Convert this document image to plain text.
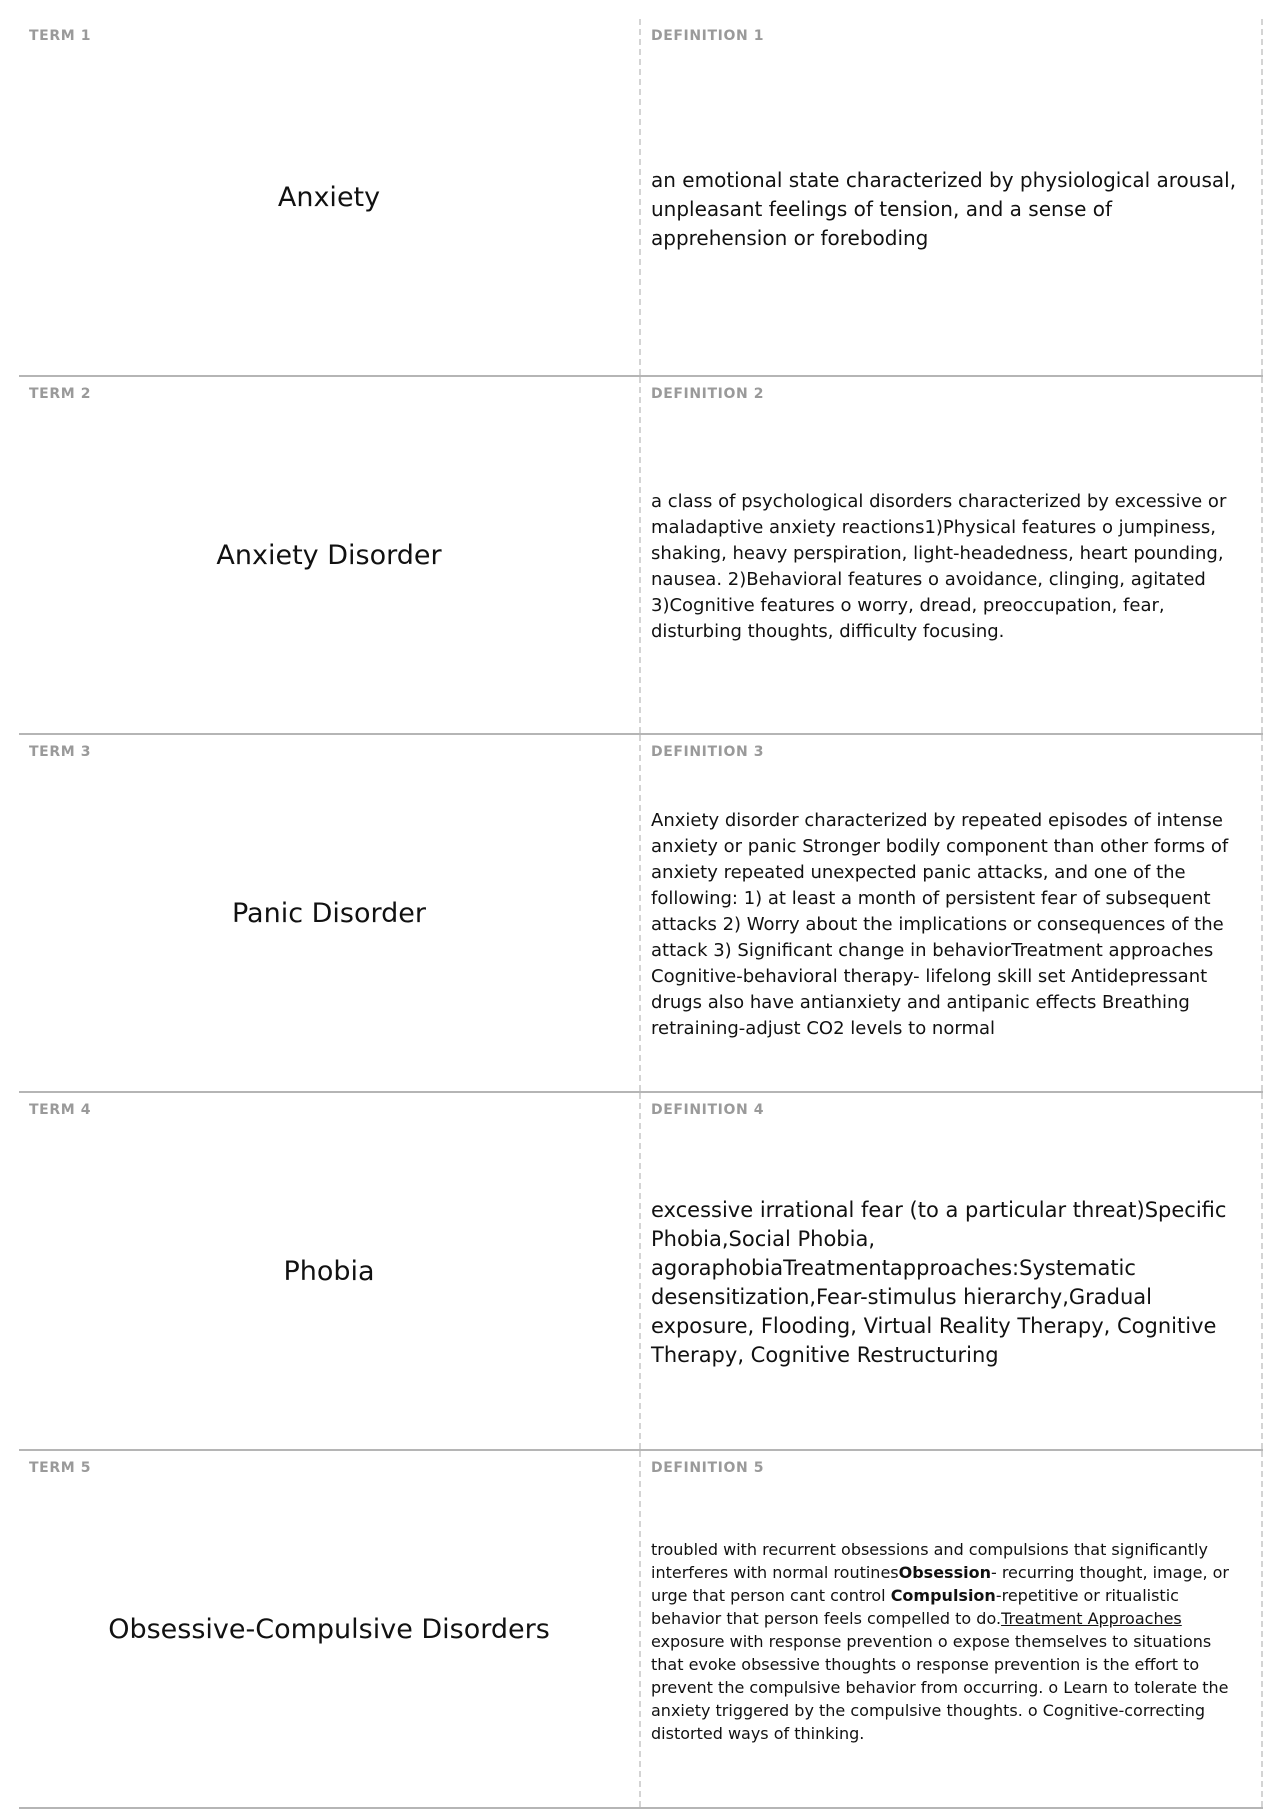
TERM 1
Anxiety
DEFINITION 1
an emotional state characterized by physiological arousal, unpleasant feelings of tension, and a sense of apprehension or foreboding
TERM 2
Anxiety Disorder
DEFINITION 2
a class of psychological disorders characterized by excessive or maladaptive anxiety reactions1)Physical features o jumpiness, shaking, heavy perspiration, light-headedness, heart pounding, nausea. 2)Behavioral features o avoidance, clinging, agitated 3)Cognitive features o worry, dread, preoccupation, fear, disturbing thoughts, difficulty focusing.
TERM 3
Panic Disorder
DEFINITION 3
Anxiety disorder characterized by repeated episodes of intense anxiety or panic Stronger bodily component than other forms of anxiety repeated unexpected panic attacks, and one of the following: 1) at least a month of persistent fear of subsequent attacks 2) Worry about the implications or consequences of the attack 3) Significant change in behaviorTreatment approaches Cognitive-behavioral therapy- lifelong skill set Antidepressant drugs also have antianxiety and antipanic effects Breathing retraining-adjust CO2 levels to normal
TERM 4
Phobia
DEFINITION 4
excessive irrational fear (to a particular threat)Specific Phobia,Social Phobia, agoraphobiaTreatmentapproaches:Systematic desensitization,Fear-stimulus hierarchy,Gradual exposure, Flooding, Virtual Reality Therapy, Cognitive Therapy, Cognitive Restructuring
TERM 5
Obsessive-Compulsive Disorders
DEFINITION 5
troubled with recurrent obsessions and compulsions that significantly interferes with normal routinesObsession- recurring thought, image, or urge that person cant control Compulsion-repetitive or ritualistic behavior that person feels compelled to do.Treatment Approaches exposure with response prevention o expose themselves to situations that evoke obsessive thoughts o response prevention is the effort to prevent the compulsive behavior from occurring. o Learn to tolerate the anxiety triggered by the compulsive thoughts. o Cognitive-correcting distorted ways of thinking.
